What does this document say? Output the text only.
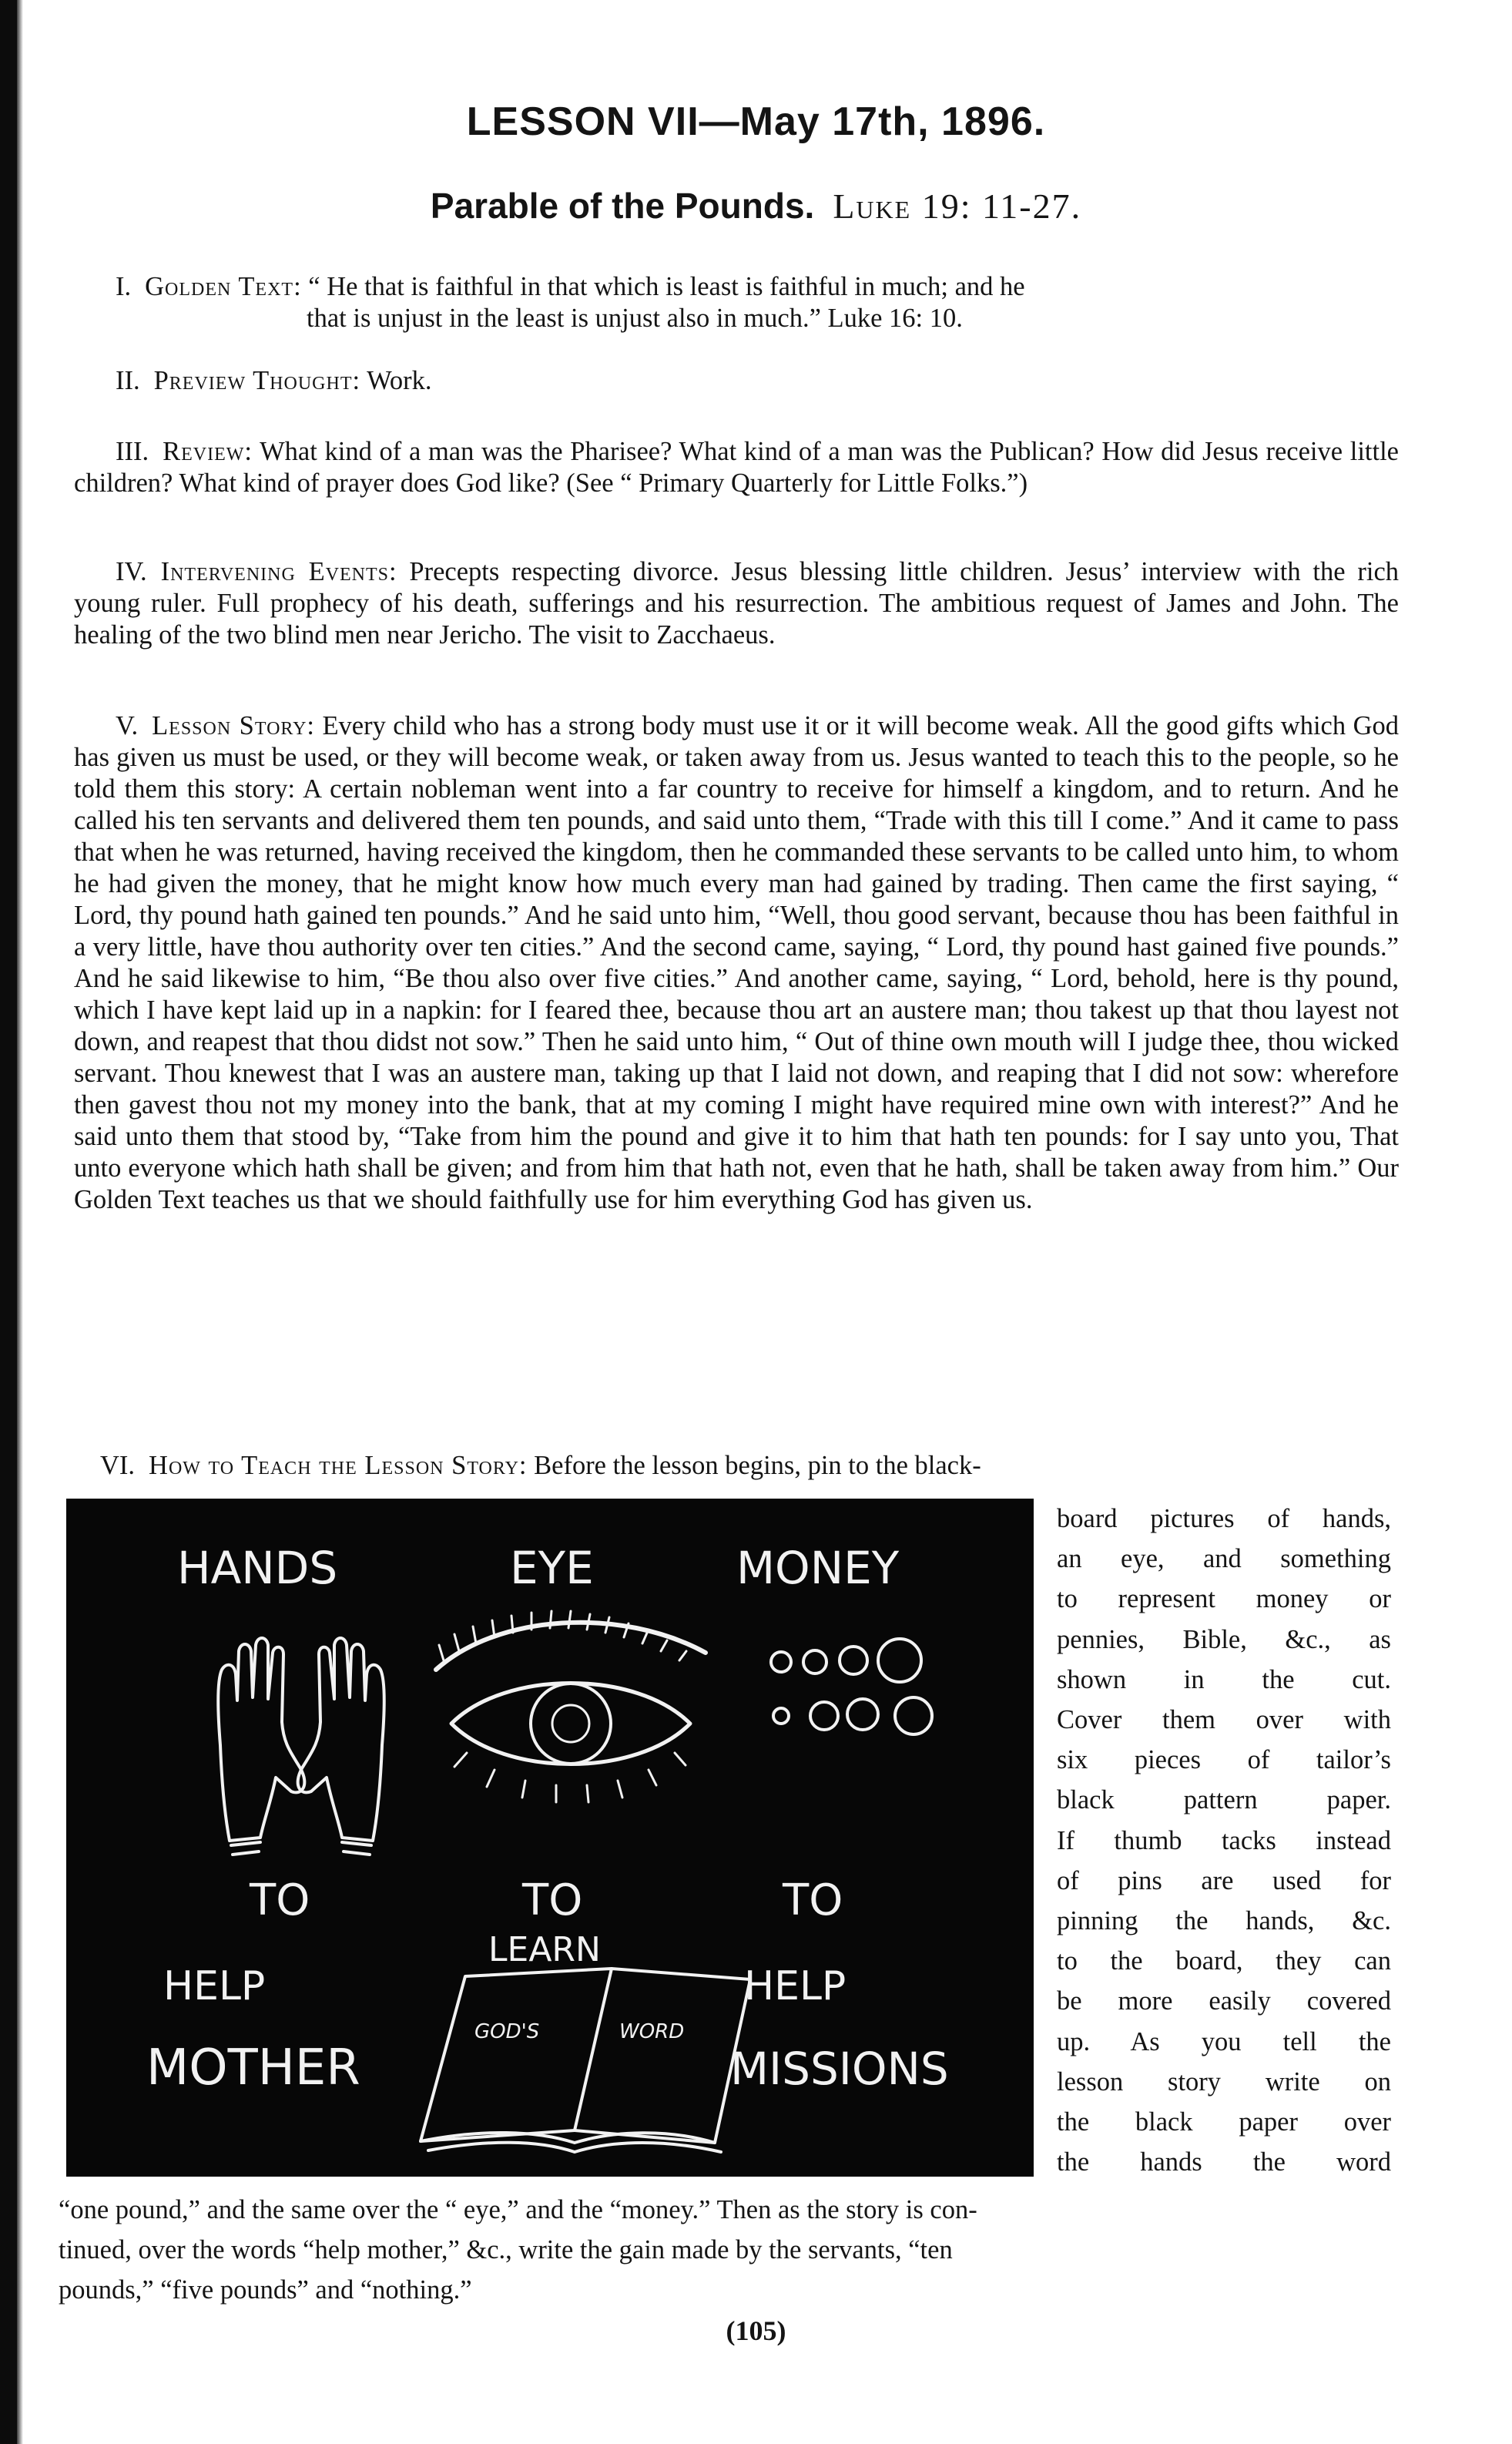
LESSON VII—May 17th, 1896.
Parable of the Pounds. Luke 19: 11-27.
I. Golden Text: “ He that is faithful in that which is least is faithful in much; and he
that is unjust in the least is unjust also in much.” Luke 16: 10.
II. Preview Thought: Work.
III. Review: What kind of a man was the Pharisee? What kind of a man was the Publican? How did Jesus receive little children? What kind of prayer does God like? (See “ Primary Quarterly for Little Folks.”)
IV. Intervening Events: Precepts respecting divorce. Jesus blessing little children. Jesus’ interview with the rich young ruler. Full prophecy of his death, sufferings and his resurrection. The ambitious request of James and John. The healing of the two blind men near Jericho. The visit to Zacchaeus.
V. Lesson Story: Every child who has a strong body must use it or it will become weak. All the good gifts which God has given us must be used, or they will become weak, or taken away from us. Jesus wanted to teach this to the people, so he told them this story: A certain nobleman went into a far country to receive for himself a kingdom, and to return. And he called his ten servants and delivered them ten pounds, and said unto them, “Trade with this till I come.” And it came to pass that when he was returned, having received the kingdom, then he commanded these servants to be called unto him, to whom he had given the money, that he might know how much every man had gained by trading. Then came the first saying, “ Lord, thy pound hath gained ten pounds.” And he said unto him, “Well, thou good servant, because thou has been faithful in a very little, have thou authority over ten cities.” And the second came, saying, “ Lord, thy pound hast gained five pounds.” And he said likewise to him, “Be thou also over five cities.” And another came, saying, “ Lord, behold, here is thy pound, which I have kept laid up in a napkin: for I feared thee, because thou art an austere man; thou takest up that thou layest not down, and reapest that thou didst not sow.” Then he said unto him, “ Out of thine own mouth will I judge thee, thou wicked servant. Thou knewest that I was an austere man, taking up that I laid not down, and reaping that I did not sow: wherefore then gavest thou not my money into the bank, that at my coming I might have required mine own with interest?” And he said unto them that stood by, “Take from him the pound and give it to him that hath ten pounds: for I say unto you, That unto everyone which hath shall be given; and from him that hath not, even that he hath, shall be taken away from him.” Our Golden Text teaches us that we should faithfully use for him everything God has given us.
VI. How to Teach the Lesson Story: Before the lesson begins, pin to the black-
HANDS	EYE	MONEY
TO	TO	TO
LEARN
HELP
MOTHER
HELP
MISSIONS
GOD'S	WORD
board pictures of hands,
an eye, and something
to represent money or
pennies, Bible, &c., as
shown in the cut.
Cover them over with
six pieces of tailor’s
black pattern paper.
If thumb tacks instead
of pins are used for
pinning the hands, &c.
to the board, they can
be more easily covered
up. As you tell the
lesson story write on
the black paper over
the hands the word
“one pound,” and the same over the “ eye,” and the “money.” Then as the story is con-
tinued, over the words “help mother,” &c., write the gain made by the servants, “ten
pounds,” “five pounds” and “nothing.”
(105)
